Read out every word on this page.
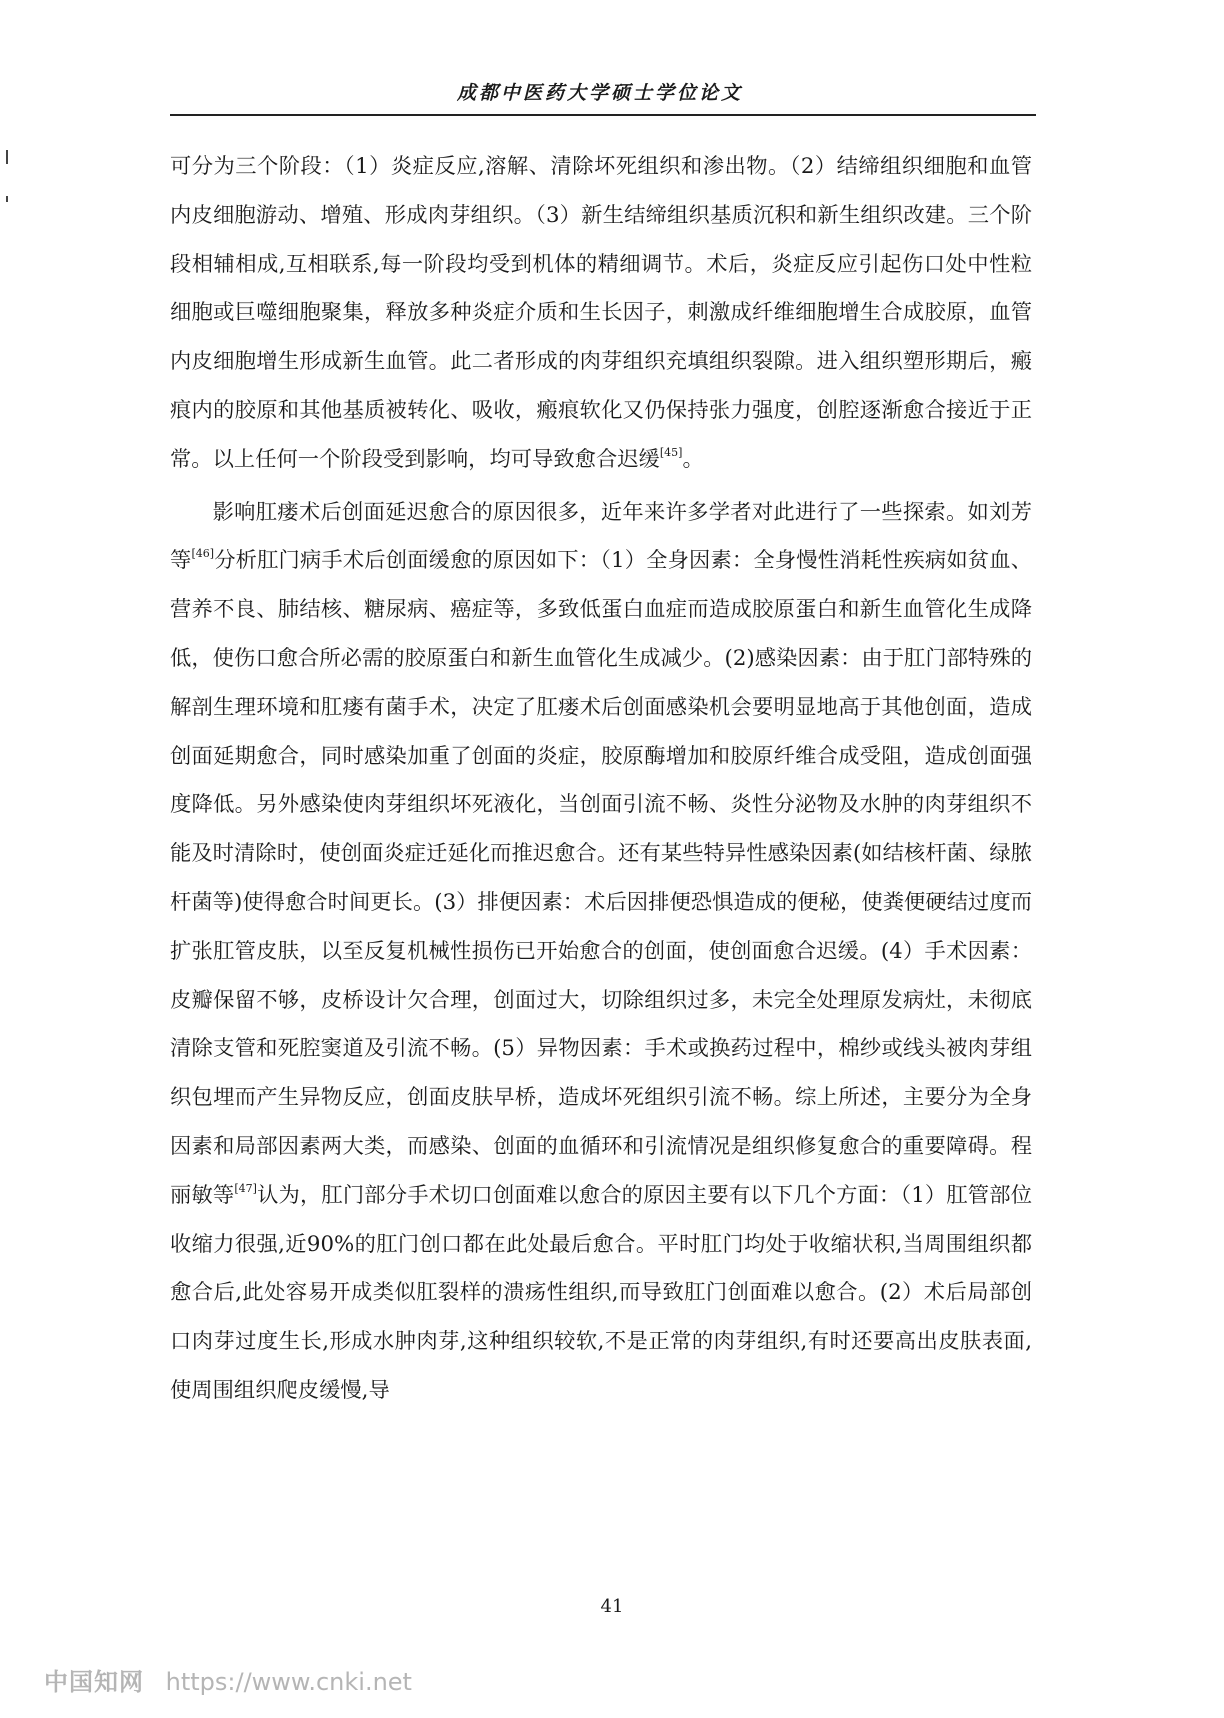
成都中医药大学硕士学位论文

可分为三个阶段：（1）炎症反应,溶解、清除坏死组织和渗出物。（2）结缔组织细胞和血管内皮细胞游动、增殖、形成肉芽组织。（3）新生结缔组织基质沉积和新生组织改建。三个阶段相辅相成,互相联系,每一阶段均受到机体的精细调节。术后，炎症反应引起伤口处中性粒细胞或巨噬细胞聚集，释放多种炎症介质和生长因子，刺激成纤维细胞增生合成胶原，血管内皮细胞增生形成新生血管。此二者形成的肉芽组织充填组织裂隙。进入组织塑形期后，瘢痕内的胶原和其他基质被转化、吸收，瘢痕软化又仍保持张力强度，创腔逐渐愈合接近于正常。以上任何一个阶段受到影响，均可导致愈合迟缓[45]。

影响肛瘘术后创面延迟愈合的原因很多，近年来许多学者对此进行了一些探索。如刘芳等[46]分析肛门病手术后创面缓愈的原因如下：（1）全身因素：全身慢性消耗性疾病如贫血、营养不良、肺结核、糖尿病、癌症等，多致低蛋白血症而造成胶原蛋白和新生血管化生成降低，使伤口愈合所必需的胶原蛋白和新生血管化生成减少。(2)感染因素：由于肛门部特殊的解剖生理环境和肛瘘有菌手术，决定了肛瘘术后创面感染机会要明显地高于其他创面，造成创面延期愈合，同时感染加重了创面的炎症，胶原酶增加和胶原纤维合成受阻，造成创面强度降低。另外感染使肉芽组织坏死液化，当创面引流不畅、炎性分泌物及水肿的肉芽组织不能及时清除时，使创面炎症迁延化而推迟愈合。还有某些特异性感染因素(如结核杆菌、绿脓杆菌等)使得愈合时间更长。(3）排便因素：术后因排便恐惧造成的便秘，使粪便硬结过度而扩张肛管皮肤，以至反复机械性损伤已开始愈合的创面，使创面愈合迟缓。(4）手术因素：皮瓣保留不够，皮桥设计欠合理，创面过大，切除组织过多，未完全处理原发病灶，未彻底清除支管和死腔窦道及引流不畅。(5）异物因素：手术或换药过程中，棉纱或线头被肉芽组织包埋而产生异物反应，创面皮肤早桥，造成坏死组织引流不畅。综上所述，主要分为全身因素和局部因素两大类，而感染、创面的血循环和引流情况是组织修复愈合的重要障碍。程丽敏等[47]认为，肛门部分手术切口创面难以愈合的原因主要有以下几个方面：（1）肛管部位收缩力很强,近90%的肛门创口都在此处最后愈合。平时肛门均处于收缩状积,当周围组织都愈合后,此处容易开成类似肛裂样的溃疡性组织,而导致肛门创面难以愈合。(2）术后局部创口肉芽过度生长,形成水肿肉芽,这种组织较软,不是正常的肉芽组织,有时还要高出皮肤表面,使周围组织爬皮缓慢,导

41
中国知网 https://www.cnki.net
